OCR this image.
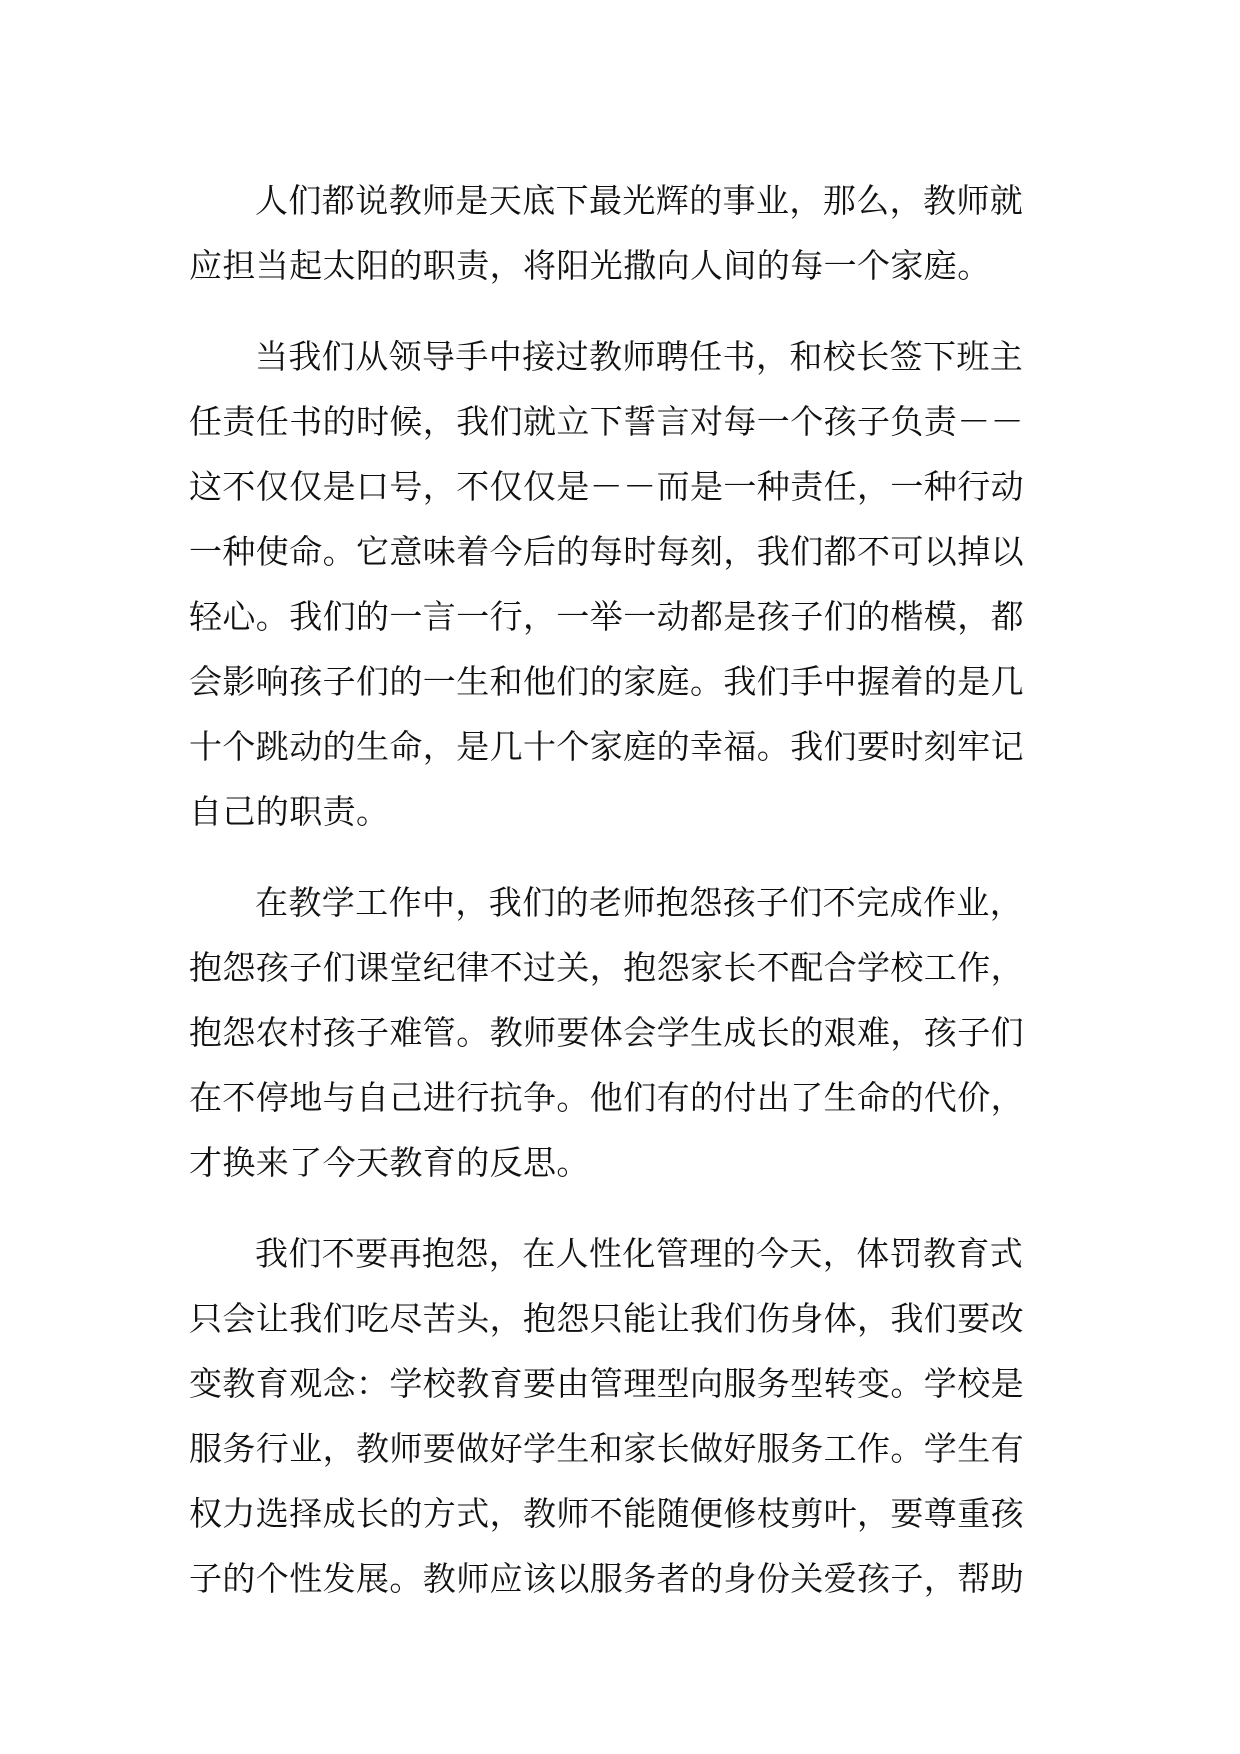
人们都说教师是天底下最光辉的事业，那么，教师就
应担当起太阳的职责，将阳光撒向人间的每一个家庭。
当我们从领导手中接过教师聘任书，和校长签下班主
任责任书的时候，我们就立下誓言对每一个孩子负责－－
这不仅仅是口号，不仅仅是－－而是一种责任，一种行动
一种使命。它意味着今后的每时每刻，我们都不可以掉以
轻心。我们的一言一行，一举一动都是孩子们的楷模，都
会影响孩子们的一生和他们的家庭。我们手中握着的是几
十个跳动的生命，是几十个家庭的幸福。我们要时刻牢记
自己的职责。
在教学工作中，我们的老师抱怨孩子们不完成作业，
抱怨孩子们课堂纪律不过关，抱怨家长不配合学校工作，
抱怨农村孩子难管。教师要体会学生成长的艰难，孩子们
在不停地与自己进行抗争。他们有的付出了生命的代价，
才换来了今天教育的反思。
我们不要再抱怨，在人性化管理的今天，体罚教育式
只会让我们吃尽苦头，抱怨只能让我们伤身体，我们要改
变教育观念：学校教育要由管理型向服务型转变。学校是
服务行业，教师要做好学生和家长做好服务工作。学生有
权力选择成长的方式，教师不能随便修枝剪叶，要尊重孩
子的个性发展。教师应该以服务者的身份关爱孩子，帮助
